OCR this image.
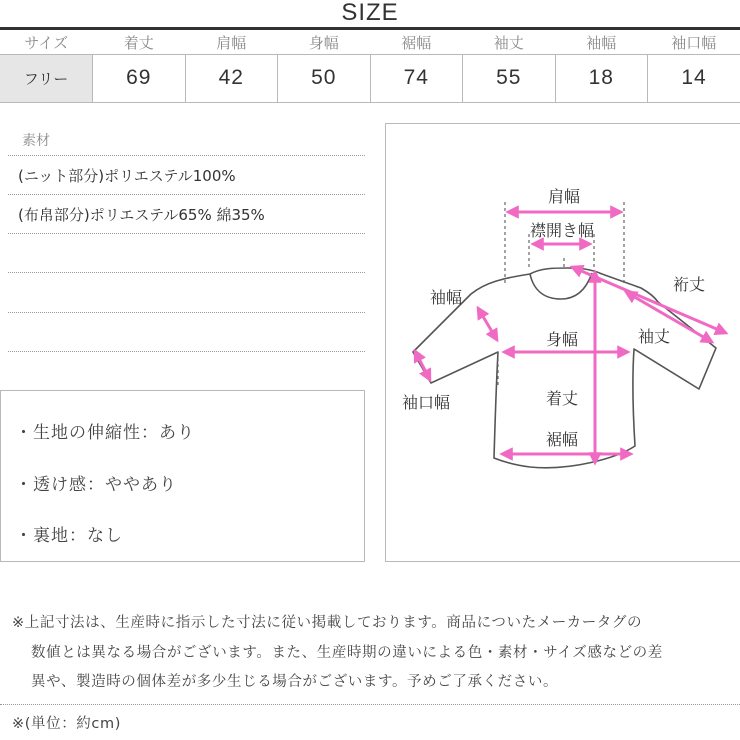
SIZE
サイズ	着丈	肩幅	身幅	裾幅	袖丈	袖幅	袖口幅
フリー	69	42	50	74	55	18	14
素材
(ニット部分)ポリエステル100%
(布帛部分)ポリエステル65% 綿35%
・生地の伸縮性：あり
・透け感：ややあり
・裏地：なし
肩幅
襟開き幅
裄丈
袖幅
袖丈
身幅
袖口幅	着丈
裾幅
※上記寸法は、生産時に指示した寸法に従い掲載しております。商品についたメーカータグの
数値とは異なる場合がございます。また、生産時期の違いによる色・素材・サイズ感などの差
異や、製造時の個体差が多少生じる場合がございます。予めご了承ください。
※(単位：約cm)
